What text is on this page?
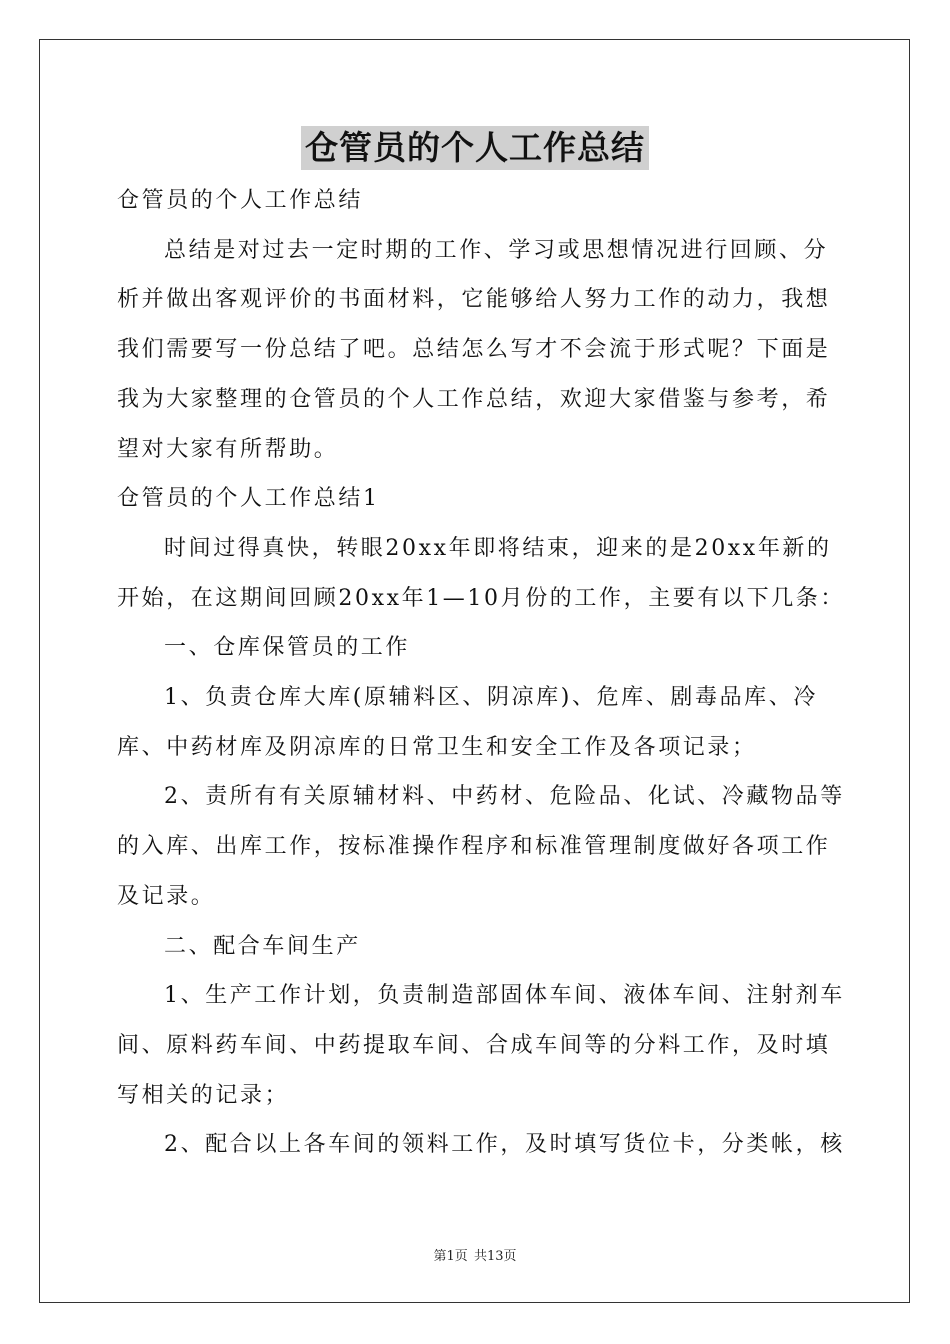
仓管员的个人工作总结

仓管员的个人工作总结

总结是对过去一定时期的工作、学习或思想情况进行回顾、分析并做出客观评价的书面材料，它能够给人努力工作的动力，我想我们需要写一份总结了吧。总结怎么写才不会流于形式呢？下面是我为大家整理的仓管员的个人工作总结，欢迎大家借鉴与参考，希望对大家有所帮助。

仓管员的个人工作总结1

时间过得真快，转眼20xx年即将结束，迎来的是20xx年新的开始，在这期间回顾20xx年1—10月份的工作，主要有以下几条：

一、仓库保管员的工作

1、负责仓库大库(原辅料区、阴凉库)、危库、剧毒品库、冷库、中药材库及阴凉库的日常卫生和安全工作及各项记录；

2、责所有有关原辅材料、中药材、危险品、化试、冷藏物品等的入库、出库工作，按标准操作程序和标准管理制度做好各项工作及记录。

二、配合车间生产

1、生产工作计划，负责制造部固体车间、液体车间、注射剂车间、原料药车间、中药提取车间、合成车间等的分料工作，及时填写相关的记录；

2、配合以上各车间的领料工作，及时填写货位卡，分类帐，核

第1页 共13页
